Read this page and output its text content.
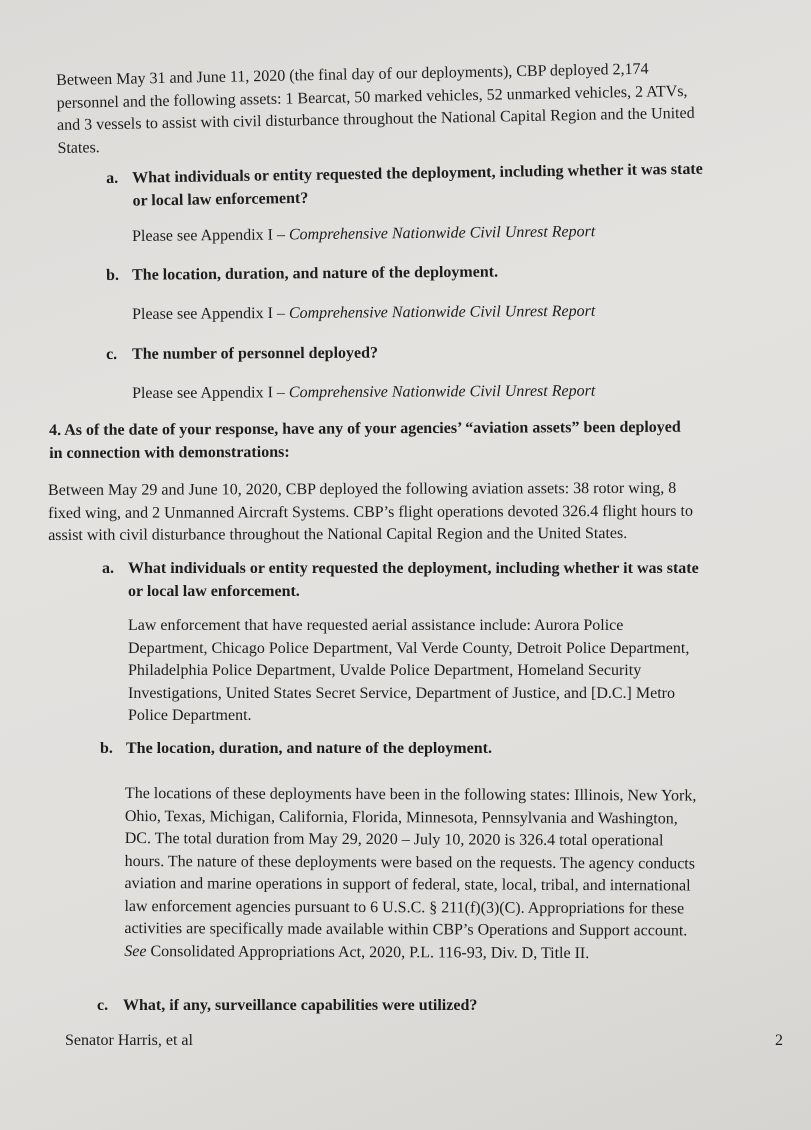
Between May 31 and June 11, 2020 (the final day of our deployments), CBP deployed 2,174
personnel and the following assets: 1 Bearcat, 50 marked vehicles, 52 unmarked vehicles, 2 ATVs,
and 3 vessels to assist with civil disturbance throughout the National Capital Region and the United
States.
a. What individuals or entity requested the deployment, including whether it was state
or local law enforcement?
Please see Appendix I – Comprehensive Nationwide Civil Unrest Report
b. The location, duration, and nature of the deployment.
Please see Appendix I – Comprehensive Nationwide Civil Unrest Report
c. The number of personnel deployed?
Please see Appendix I – Comprehensive Nationwide Civil Unrest Report
4. As of the date of your response, have any of your agencies’ “aviation assets” been deployed
in connection with demonstrations:
Between May 29 and June 10, 2020, CBP deployed the following aviation assets: 38 rotor wing, 8
fixed wing, and 2 Unmanned Aircraft Systems. CBP’s flight operations devoted 326.4 flight hours to
assist with civil disturbance throughout the National Capital Region and the United States.
a. What individuals or entity requested the deployment, including whether it was state
or local law enforcement.
Law enforcement that have requested aerial assistance include: Aurora Police
Department, Chicago Police Department, Val Verde County, Detroit Police Department,
Philadelphia Police Department, Uvalde Police Department, Homeland Security
Investigations, United States Secret Service, Department of Justice, and [D.C.] Metro
Police Department.
b. The location, duration, and nature of the deployment.
The locations of these deployments have been in the following states: Illinois, New York,
Ohio, Texas, Michigan, California, Florida, Minnesota, Pennsylvania and Washington,
DC. The total duration from May 29, 2020 – July 10, 2020 is 326.4 total operational
hours. The nature of these deployments were based on the requests. The agency conducts
aviation and marine operations in support of federal, state, local, tribal, and international
law enforcement agencies pursuant to 6 U.S.C. § 211(f)(3)(C). Appropriations for these
activities are specifically made available within CBP’s Operations and Support account.
See Consolidated Appropriations Act, 2020, P.L. 116-93, Div. D, Title II.
c. What, if any, surveillance capabilities were utilized?
Senator Harris, et al	2
